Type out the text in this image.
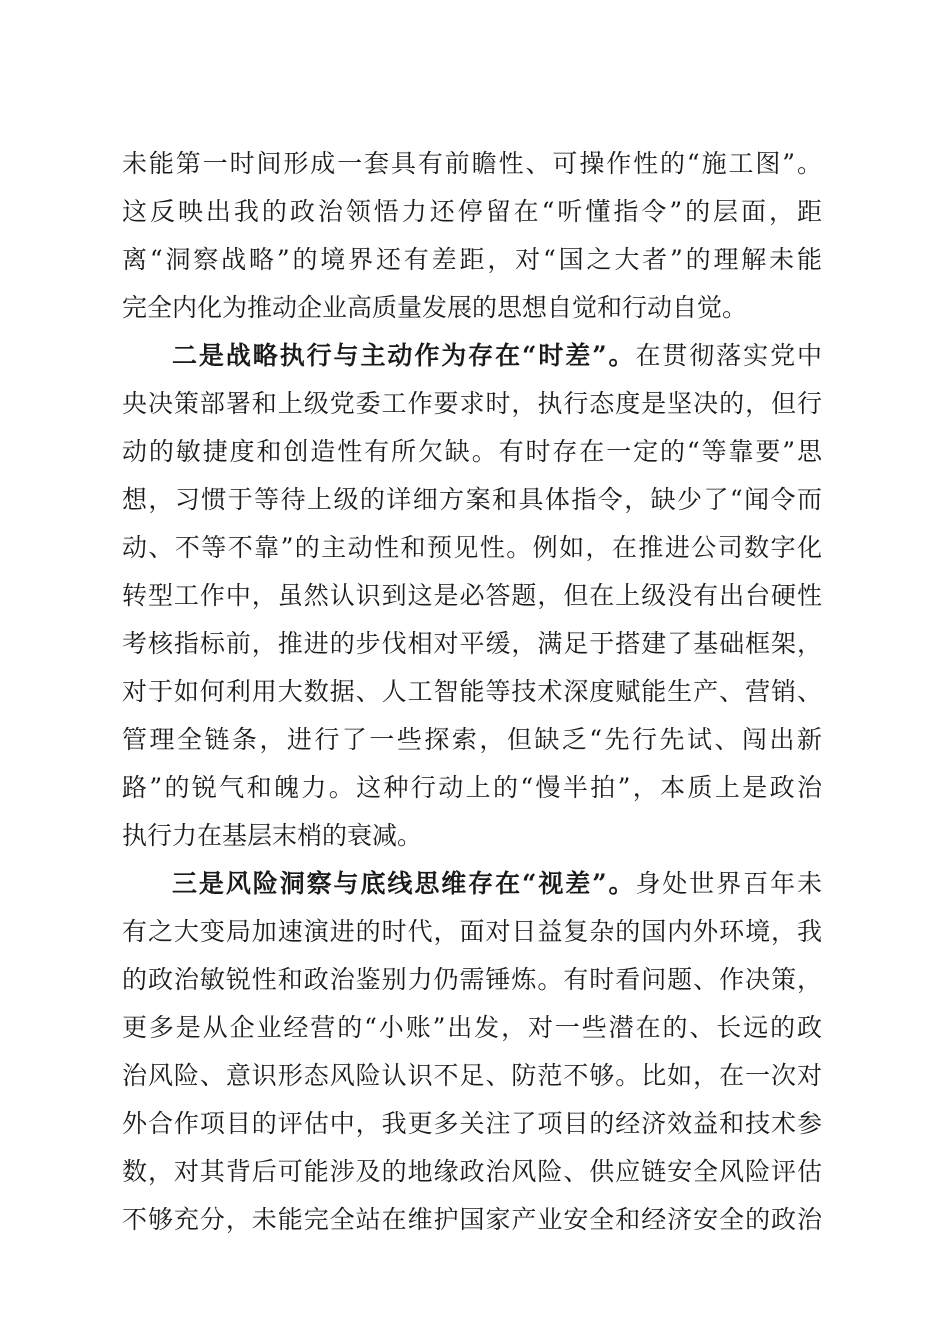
未能第一时间形成一套具有前瞻性、可操作性的“施工图”。
这反映出我的政治领悟力还停留在“听懂指令”的层面，距
离“洞察战略”的境界还有差距，对“国之大者”的理解未能
完全内化为推动企业高质量发展的思想自觉和行动自觉。
二是战略执行与主动作为存在“时差”。在贯彻落实党中
央决策部署和上级党委工作要求时，执行态度是坚决的，但行
动的敏捷度和创造性有所欠缺。有时存在一定的“等靠要”思
想，习惯于等待上级的详细方案和具体指令，缺少了“闻令而
动、不等不靠”的主动性和预见性。例如，在推进公司数字化
转型工作中，虽然认识到这是必答题，但在上级没有出台硬性
考核指标前，推进的步伐相对平缓，满足于搭建了基础框架，
对于如何利用大数据、人工智能等技术深度赋能生产、营销、
管理全链条，进行了一些探索，但缺乏“先行先试、闯出新
路”的锐气和魄力。这种行动上的“慢半拍”，本质上是政治
执行力在基层末梢的衰减。
三是风险洞察与底线思维存在“视差”。身处世界百年未
有之大变局加速演进的时代，面对日益复杂的国内外环境，我
的政治敏锐性和政治鉴别力仍需锤炼。有时看问题、作决策，
更多是从企业经营的“小账”出发，对一些潜在的、长远的政
治风险、意识形态风险认识不足、防范不够。比如，在一次对
外合作项目的评估中，我更多关注了项目的经济效益和技术参
数，对其背后可能涉及的地缘政治风险、供应链安全风险评估
不够充分，未能完全站在维护国家产业安全和经济安全的政治
